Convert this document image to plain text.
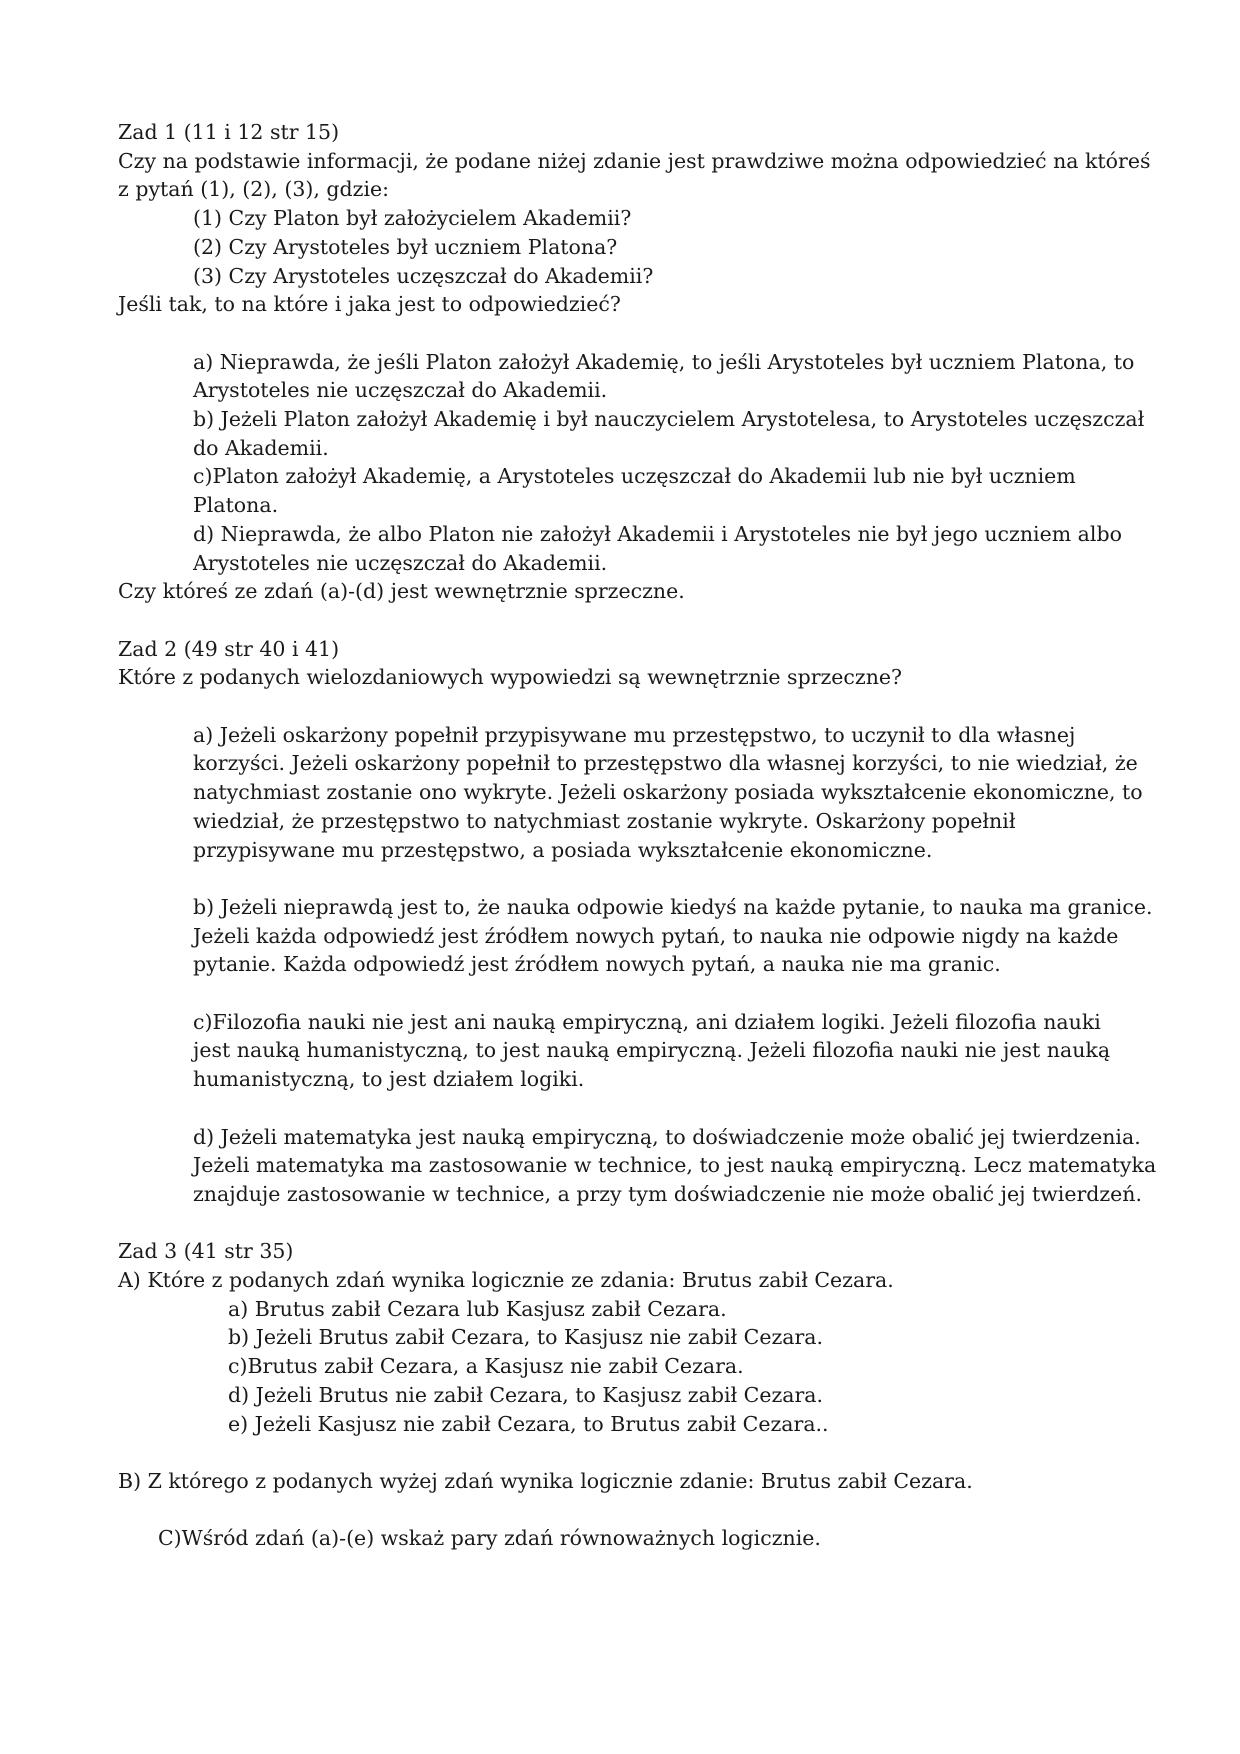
Zad 1 (11 i 12 str 15)
Czy na podstawie informacji, że podane niżej zdanie jest prawdziwe można odpowiedzieć na któreś
z pytań (1), (2), (3), gdzie:
(1) Czy Platon był założycielem Akademii?
(2) Czy Arystoteles był uczniem Platona?
(3) Czy Arystoteles uczęszczał do Akademii?
Jeśli tak, to na które i jaka jest to odpowiedzieć?
a) Nieprawda, że jeśli Platon założył Akademię, to jeśli Arystoteles był uczniem Platona, to
Arystoteles nie uczęszczał do Akademii.
b) Jeżeli Platon założył Akademię i był nauczycielem Arystotelesa, to Arystoteles uczęszczał
do Akademii.
c)Platon założył Akademię, a Arystoteles uczęszczał do Akademii lub nie był uczniem
Platona.
d) Nieprawda, że albo Platon nie założył Akademii i Arystoteles nie był jego uczniem albo
Arystoteles nie uczęszczał do Akademii.
Czy któreś ze zdań (a)-(d) jest wewnętrznie sprzeczne.
Zad 2 (49 str 40 i 41)
Które z podanych wielozdaniowych wypowiedzi są wewnętrznie sprzeczne?
a) Jeżeli oskarżony popełnił przypisywane mu przestępstwo, to uczynił to dla własnej
korzyści. Jeżeli oskarżony popełnił to przestępstwo dla własnej korzyści, to nie wiedział, że
natychmiast zostanie ono wykryte. Jeżeli oskarżony posiada wykształcenie ekonomiczne, to
wiedział, że przestępstwo to natychmiast zostanie wykryte. Oskarżony popełnił
przypisywane mu przestępstwo, a posiada wykształcenie ekonomiczne.
b) Jeżeli nieprawdą jest to, że nauka odpowie kiedyś na każde pytanie, to nauka ma granice.
Jeżeli każda odpowiedź jest źródłem nowych pytań, to nauka nie odpowie nigdy na każde
pytanie. Każda odpowiedź jest źródłem nowych pytań, a nauka nie ma granic.
c)Filozofia nauki nie jest ani nauką empiryczną, ani działem logiki. Jeżeli filozofia nauki
jest nauką humanistyczną, to jest nauką empiryczną. Jeżeli filozofia nauki nie jest nauką
humanistyczną, to jest działem logiki.
d) Jeżeli matematyka jest nauką empiryczną, to doświadczenie może obalić jej twierdzenia.
Jeżeli matematyka ma zastosowanie w technice, to jest nauką empiryczną. Lecz matematyka
znajduje zastosowanie w technice, a przy tym doświadczenie nie może obalić jej twierdzeń.
Zad 3 (41 str 35)
A) Które z podanych zdań wynika logicznie ze zdania: Brutus zabił Cezara.
a) Brutus zabił Cezara lub Kasjusz zabił Cezara.
b) Jeżeli Brutus zabił Cezara, to Kasjusz nie zabił Cezara.
c)Brutus zabił Cezara, a Kasjusz nie zabił Cezara.
d) Jeżeli Brutus nie zabił Cezara, to Kasjusz zabił Cezara.
e) Jeżeli Kasjusz nie zabił Cezara, to Brutus zabił Cezara..
B) Z którego z podanych wyżej zdań wynika logicznie zdanie: Brutus zabił Cezara.
C)Wśród zdań (a)-(e) wskaż pary zdań równoważnych logicznie.
